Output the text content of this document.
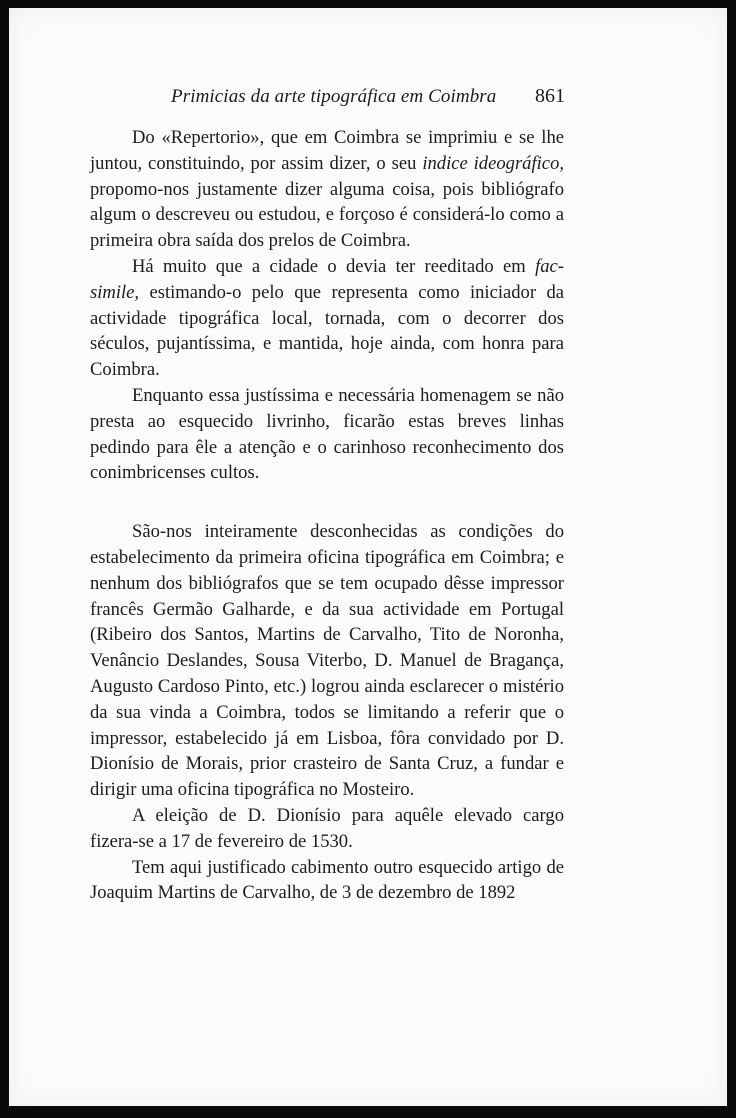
Primicias da arte tipográfica em Coimbra 861

Do «Repertorio», que em Coimbra se imprimiu e se lhe juntou, constituindo, por assim dizer, o seu indice ideográfico, propomo-nos justamente dizer alguma coisa, pois bibliógrafo algum o descreveu ou estudou, e forçoso é considerá-lo como a primeira obra saída dos prelos de Coimbra.

Há muito que a cidade o devia ter reeditado em fac-simile, estimando-o pelo que representa como iniciador da actividade tipográfica local, tornada, com o decorrer dos séculos, pujantíssima, e mantida, hoje ainda, com honra para Coimbra.

Enquanto essa justíssima e necessária homenagem se não presta ao esquecido livrinho, ficarão estas breves linhas pedindo para êle a atenção e o carinhoso reconhecimento dos conimbricenses cultos.

São-nos inteiramente desconhecidas as condições do estabelecimento da primeira oficina tipográfica em Coimbra; e nenhum dos bibliógrafos que se tem ocupado dêsse impressor francês Germão Galharde, e da sua actividade em Portugal (Ribeiro dos Santos, Martins de Carvalho, Tito de Noronha, Venâncio Deslandes, Sousa Viterbo, D. Manuel de Bragança, Augusto Cardoso Pinto, etc.) logrou ainda esclarecer o mistério da sua vinda a Coimbra, todos se limitando a referir que o impressor, estabelecido já em Lisboa, fôra convidado por D. Dionísio de Morais, prior crasteiro de Santa Cruz, a fundar e dirigir uma oficina tipográfica no Mosteiro.

A eleição de D. Dionísio para aquêle elevado cargo fizera-se a 17 de fevereiro de 1530.

Tem aqui justificado cabimento outro esquecido artigo de Joaquim Martins de Carvalho, de 3 de dezembro de 1892
